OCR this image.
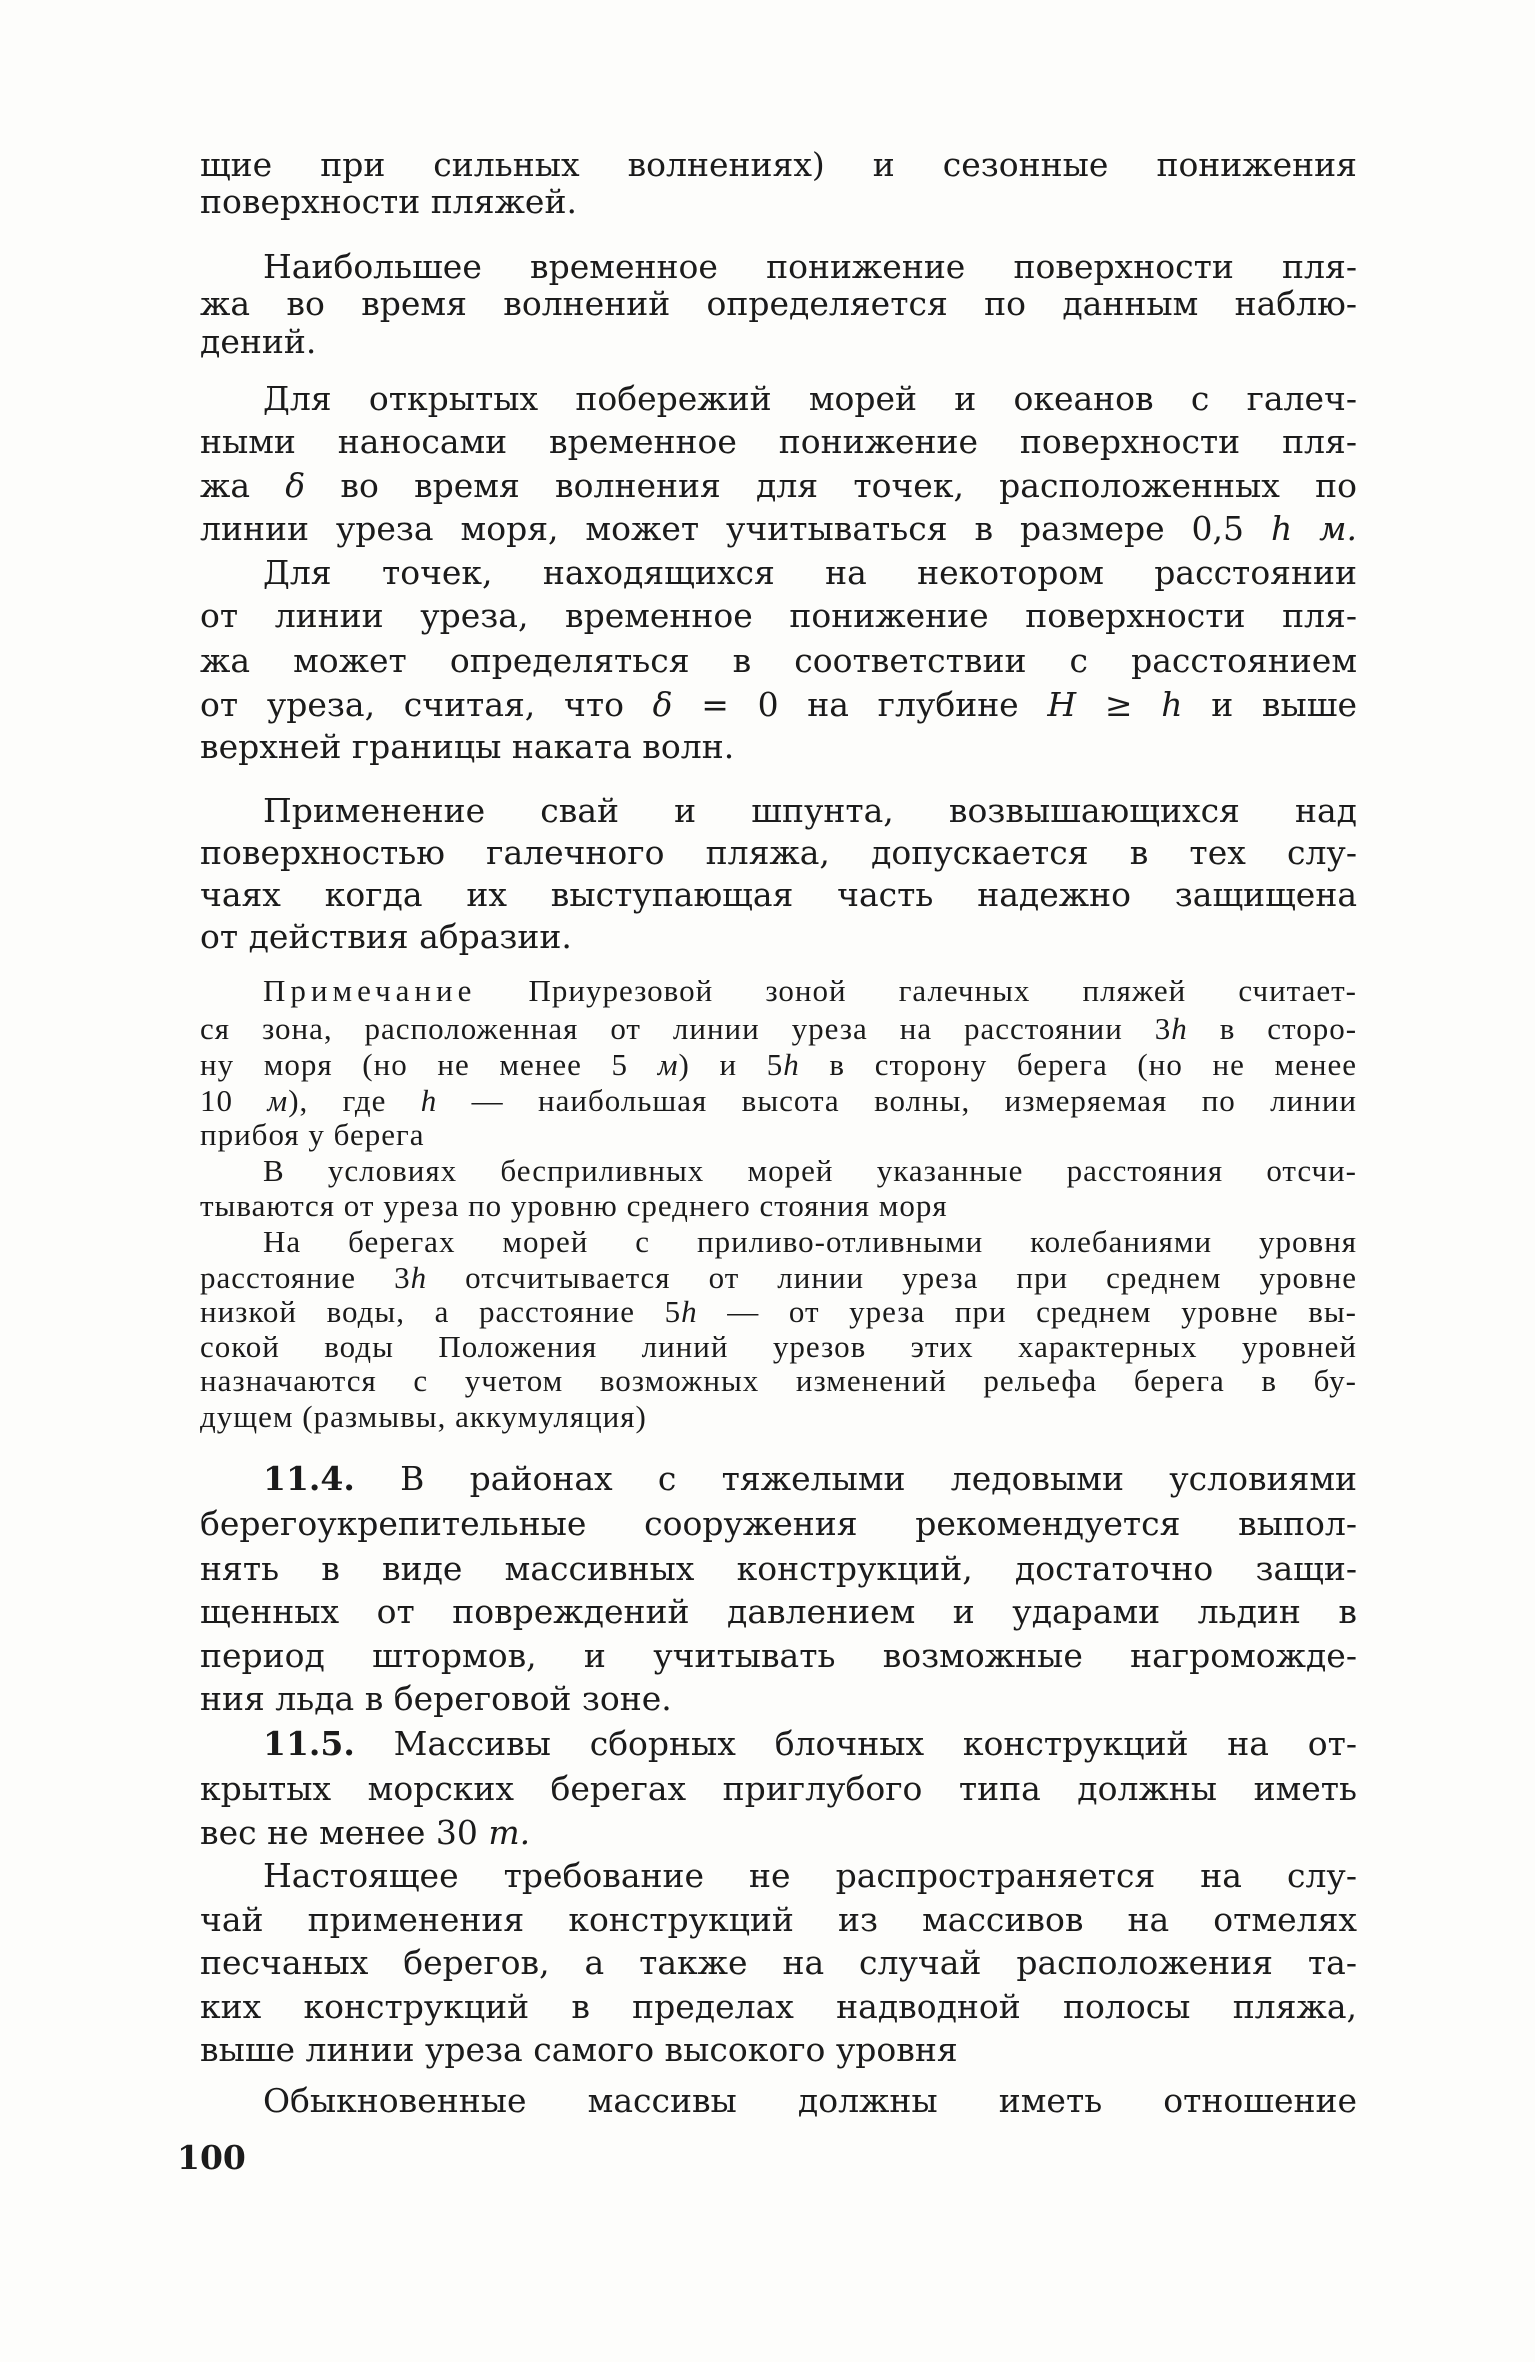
щие при сильных волнениях) и сезонные понижения
поверхности пляжей.
Наибольшее временное понижение поверхности пля-
жа во время волнений определяется по данным наблю-
дений.
Для открытых побережий морей и океанов с галеч-
ными наносами временное понижение поверхности пля-
жа δ во время волнения для точек, расположенных по
линии уреза моря, может учитываться в размере 0,5 h м.
Для точек, находящихся на некотором расстоянии
от линии уреза, временное понижение поверхности пля-
жа может определяться в соответствии с расстоянием
от уреза, считая, что δ = 0 на глубине H ≥ h и выше
верхней границы наката волн.
Применение свай и шпунта, возвышающихся над
поверхностью галечного пляжа, допускается в тех слу-
чаях когда их выступающая часть надежно защищена
от действия абразии.
Примечание Приурезовой зоной галечных пляжей считает-
ся зона, расположенная от линии уреза на расстоянии 3h в сторо-
ну моря (но не менее 5 м) и 5h в сторону берега (но не менее
10 м), где h — наибольшая высота волны, измеряемая по линии
прибоя у берега
В условиях бесприливных морей указанные расстояния отсчи-
тываются от уреза по уровню среднего стояния моря
На берегах морей с приливо-отливными колебаниями уровня
расстояние 3h отсчитывается от линии уреза при среднем уровне
низкой воды, а расстояние 5h — от уреза при среднем уровне вы-
сокой воды Положения линий урезов этих характерных уровней
назначаются с учетом возможных изменений рельефа берега в бу-
дущем (размывы, аккумуляция)
11.4. В районах с тяжелыми ледовыми условиями
берегоукрепительные сооружения рекомендуется выпол-
нять в виде массивных конструкций, достаточно защи-
щенных от повреждений давлением и ударами льдин в
период штормов, и учитывать возможные нагроможде-
ния льда в береговой зоне.
11.5. Массивы сборных блочных конструкций на от-
крытых морских берегах приглубого типа должны иметь
вес не менее 30 т.
Настоящее требование не распространяется на слу-
чай применения конструкций из массивов на отмелях
песчаных берегов, а также на случай расположения та-
ких конструкций в пределах надводной полосы пляжа,
выше линии уреза самого высокого уровня
Обыкновенные массивы должны иметь отношение
100
